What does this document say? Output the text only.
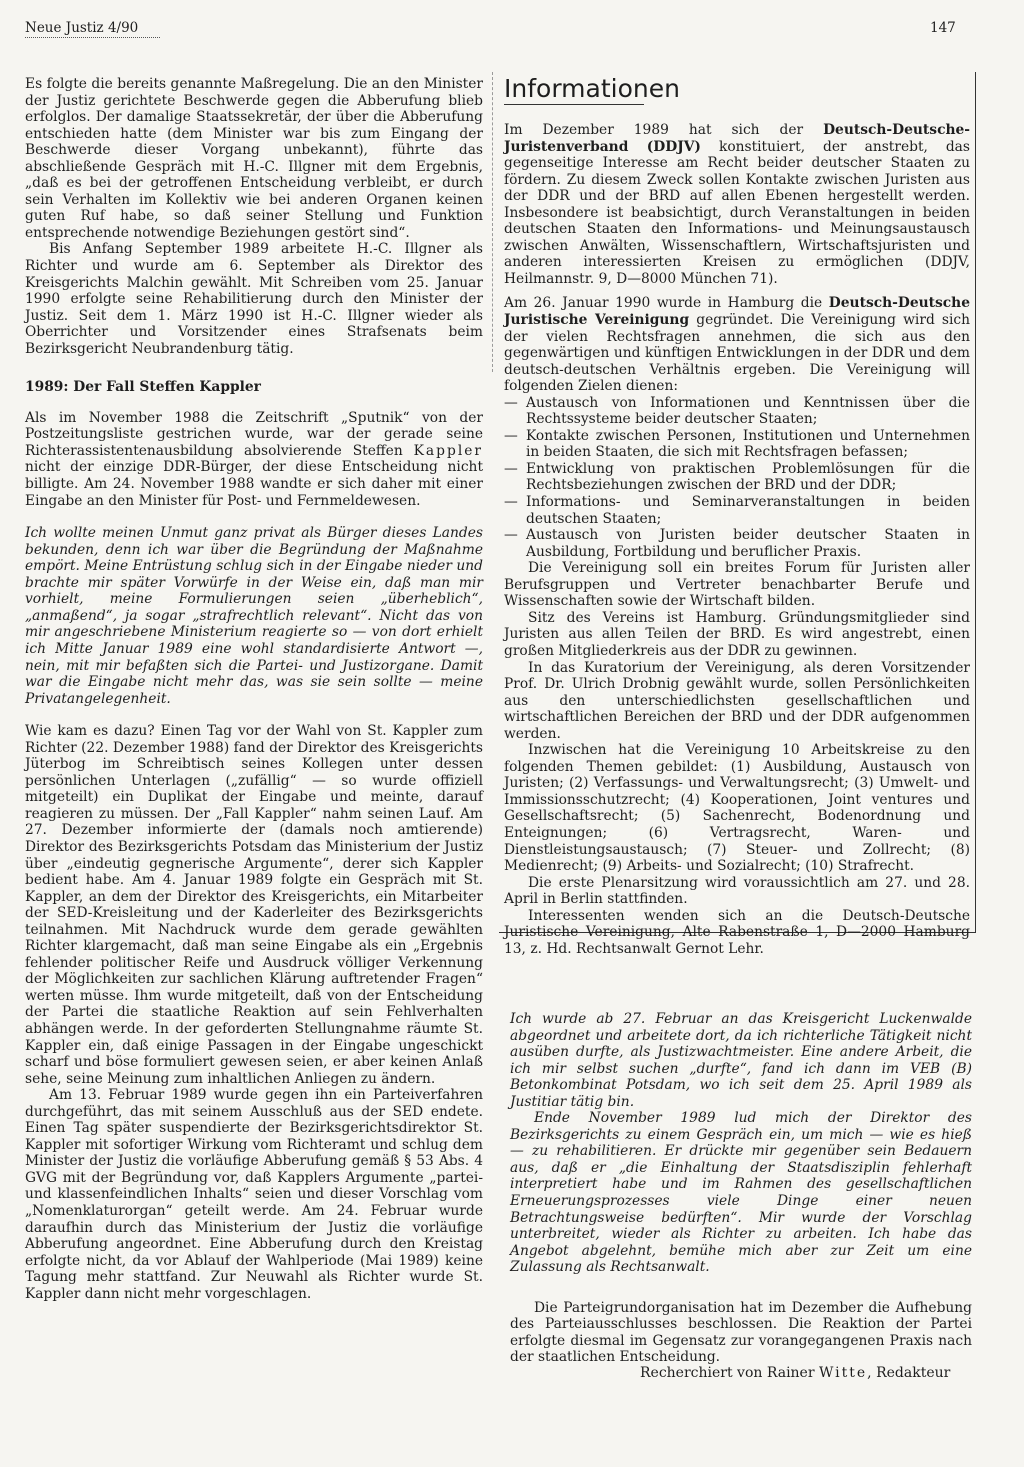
Neue Justiz 4/90	147
Informationen

Es folgte die bereits genannte Maßregelung. Die an den Minister der Justiz gerichtete Beschwerde gegen die Abberufung blieb erfolglos. Der damalige Staatssekretär, der über die Abberufung entschieden hatte (dem Minister war bis zum Eingang der Beschwerde dieser Vorgang unbekannt), führte das abschließende Gespräch mit H.-C. Illgner mit dem Ergebnis, „daß es bei der getroffenen Entscheidung verbleibt, er durch sein Verhalten im Kollektiv wie bei anderen Organen keinen guten Ruf habe, so daß seiner Stellung und Funktion entsprechende notwendige Beziehungen gestört sind“.

Bis Anfang September 1989 arbeitete H.-C. Illgner als Richter und wurde am 6. September als Direktor des Kreisgerichts Malchin gewählt. Mit Schreiben vom 25. Januar 1990 erfolgte seine Rehabilitierung durch den Minister der Justiz. Seit dem 1. März 1990 ist H.-C. Illgner wieder als Oberrichter und Vorsitzender eines Strafsenats beim Bezirksgericht Neubrandenburg tätig.

1989: Der Fall Steffen Kappler

Als im November 1988 die Zeitschrift „Sputnik“ von der Postzeitungsliste gestrichen wurde, war der gerade seine Richterassistentenausbildung absolvierende Steffen Kappler nicht der einzige DDR-Bürger, der diese Entscheidung nicht billigte. Am 24. November 1988 wandte er sich daher mit einer Eingabe an den Minister für Post- und Fernmeldewesen.

Ich wollte meinen Unmut ganz privat als Bürger dieses Landes bekunden, denn ich war über die Begründung der Maßnahme empört. Meine Entrüstung schlug sich in der Eingabe nieder und brachte mir später Vorwürfe in der Weise ein, daß man mir vorhielt, meine Formulierungen seien „überheblich“, „anmaßend“, ja sogar „strafrechtlich relevant“. Nicht das von mir angeschriebene Ministerium reagierte so — von dort erhielt ich Mitte Januar 1989 eine wohl standardisierte Antwort —, nein, mit mir befaßten sich die Partei- und Justizorgane. Damit war die Eingabe nicht mehr das, was sie sein sollte — meine Privatangelegenheit.

Wie kam es dazu? Einen Tag vor der Wahl von St. Kappler zum Richter (22. Dezember 1988) fand der Direktor des Kreisgerichts Jüterbog im Schreibtisch seines Kollegen unter dessen persönlichen Unterlagen („zufällig“ — so wurde offiziell mitgeteilt) ein Duplikat der Eingabe und meinte, darauf reagieren zu müssen. Der „Fall Kappler“ nahm seinen Lauf. Am 27. Dezember informierte der (damals noch amtierende) Direktor des Bezirksgerichts Potsdam das Ministerium der Justiz über „eindeutig gegnerische Argumente“, derer sich Kappler bedient habe. Am 4. Januar 1989 folgte ein Gespräch mit St. Kappler, an dem der Direktor des Kreisgerichts, ein Mitarbeiter der SED-Kreisleitung und der Kaderleiter des Bezirksgerichts teilnahmen. Mit Nachdruck wurde dem gerade gewählten Richter klargemacht, daß man seine Eingabe als ein „Ergebnis fehlender politischer Reife und Ausdruck völliger Verkennung der Möglichkeiten zur sachlichen Klärung auftretender Fragen“ werten müsse. Ihm wurde mitgeteilt, daß von der Entscheidung der Partei die staatliche Reaktion auf sein Fehlverhalten abhängen werde. In der geforderten Stellungnahme räumte St. Kappler ein, daß einige Passagen in der Eingabe ungeschickt scharf und böse formuliert gewesen seien, er aber keinen Anlaß sehe, seine Meinung zum inhaltlichen Anliegen zu ändern.

Am 13. Februar 1989 wurde gegen ihn ein Parteiverfahren durchgeführt, das mit seinem Ausschluß aus der SED endete. Einen Tag später suspendierte der Bezirksgerichtsdirektor St. Kappler mit sofortiger Wirkung vom Richteramt und schlug dem Minister der Justiz die vorläufige Abberufung gemäß § 53 Abs. 4 GVG mit der Begründung vor, daß Kapplers Argumente „partei- und klassenfeindlichen Inhalts“ seien und dieser Vorschlag vom „Nomenklaturorgan“ geteilt werde. Am 24. Februar wurde daraufhin durch das Ministerium der Justiz die vorläufige Abberufung angeordnet. Eine Abberufung durch den Kreistag erfolgte nicht, da vor Ablauf der Wahlperiode (Mai 1989) keine Tagung mehr stattfand. Zur Neuwahl als Richter wurde St. Kappler dann nicht mehr vorgeschlagen.

Im Dezember 1989 hat sich der Deutsch-Deutsche-Juristenverband (DDJV) konstituiert, der anstrebt, das gegenseitige Interesse am Recht beider deutscher Staaten zu fördern. Zu diesem Zweck sollen Kontakte zwischen Juristen aus der DDR und der BRD auf allen Ebenen hergestellt werden. Insbesondere ist beabsichtigt, durch Veranstaltungen in beiden deutschen Staaten den Informations- und Meinungsaustausch zwischen Anwälten, Wissenschaftlern, Wirtschaftsjuristen und anderen interessierten Kreisen zu ermöglichen (DDJV, Heilmannstr. 9, D—8000 München 71).

Am 26. Januar 1990 wurde in Hamburg die Deutsch-Deutsche Juristische Vereinigung gegründet. Die Vereinigung wird sich der vielen Rechtsfragen annehmen, die sich aus den gegenwärtigen und künftigen Entwicklungen in der DDR und dem deutsch-deutschen Verhältnis ergeben. Die Vereinigung will folgenden Zielen dienen:

— Austausch von Informationen und Kenntnissen über die Rechtssysteme beider deutscher Staaten;
— Kontakte zwischen Personen, Institutionen und Unternehmen in beiden Staaten, die sich mit Rechtsfragen befassen;
— Entwicklung von praktischen Problemlösungen für die Rechtsbeziehungen zwischen der BRD und der DDR;
— Informations- und Seminarveranstaltungen in beiden deutschen Staaten;
— Austausch von Juristen beider deutscher Staaten in Ausbildung, Fortbildung und beruflicher Praxis.

Die Vereinigung soll ein breites Forum für Juristen aller Berufsgruppen und Vertreter benachbarter Berufe und Wissenschaften sowie der Wirtschaft bilden.

Sitz des Vereins ist Hamburg. Gründungsmitglieder sind Juristen aus allen Teilen der BRD. Es wird angestrebt, einen großen Mitgliederkreis aus der DDR zu gewinnen.

In das Kuratorium der Vereinigung, als deren Vorsitzender Prof. Dr. Ulrich Drobnig gewählt wurde, sollen Persönlichkeiten aus den unterschiedlichsten gesellschaftlichen und wirtschaftlichen Bereichen der BRD und der DDR aufgenommen werden.

Inzwischen hat die Vereinigung 10 Arbeitskreise zu den folgenden Themen gebildet: (1) Ausbildung, Austausch von Juristen; (2) Verfassungs- und Verwaltungsrecht; (3) Umwelt- und Immissionsschutzrecht; (4) Kooperationen, Joint ventures und Gesellschaftsrecht; (5) Sachenrecht, Bodenordnung und Enteignungen; (6) Vertragsrecht, Waren- und Dienstleistungsaustausch; (7) Steuer- und Zollrecht; (8) Medienrecht; (9) Arbeits- und Sozialrecht; (10) Strafrecht.

Die erste Plenarsitzung wird voraussichtlich am 27. und 28. April in Berlin stattfinden.

Interessenten wenden sich an die Deutsch-Deutsche Juristische Vereinigung, Alte Rabenstraße 1, D—2000 Hamburg 13, z. Hd. Rechtsanwalt Gernot Lehr.

Ich wurde ab 27. Februar an das Kreisgericht Luckenwalde abgeordnet und arbeitete dort, da ich richterliche Tätigkeit nicht ausüben durfte, als Justizwachtmeister. Eine andere Arbeit, die ich mir selbst suchen „durfte“, fand ich dann im VEB (B) Betonkombinat Potsdam, wo ich seit dem 25. April 1989 als Justitiar tätig bin.

Ende November 1989 lud mich der Direktor des Bezirksgerichts zu einem Gespräch ein, um mich — wie es hieß — zu rehabilitieren. Er drückte mir gegenüber sein Bedauern aus, daß er „die Einhaltung der Staatsdisziplin fehlerhaft interpretiert habe und im Rahmen des gesellschaftlichen Erneuerungsprozesses viele Dinge einer neuen Betrachtungsweise bedürften“. Mir wurde der Vorschlag unterbreitet, wieder als Richter zu arbeiten. Ich habe das Angebot abgelehnt, bemühe mich aber zur Zeit um eine Zulassung als Rechtsanwalt.

Die Parteigrundorganisation hat im Dezember die Aufhebung des Parteiausschlusses beschlossen. Die Reaktion der Partei erfolgte diesmal im Gegensatz zur vorangegangenen Praxis nach der staatlichen Entscheidung.

Recherchiert von Rainer Witte, Redakteur
